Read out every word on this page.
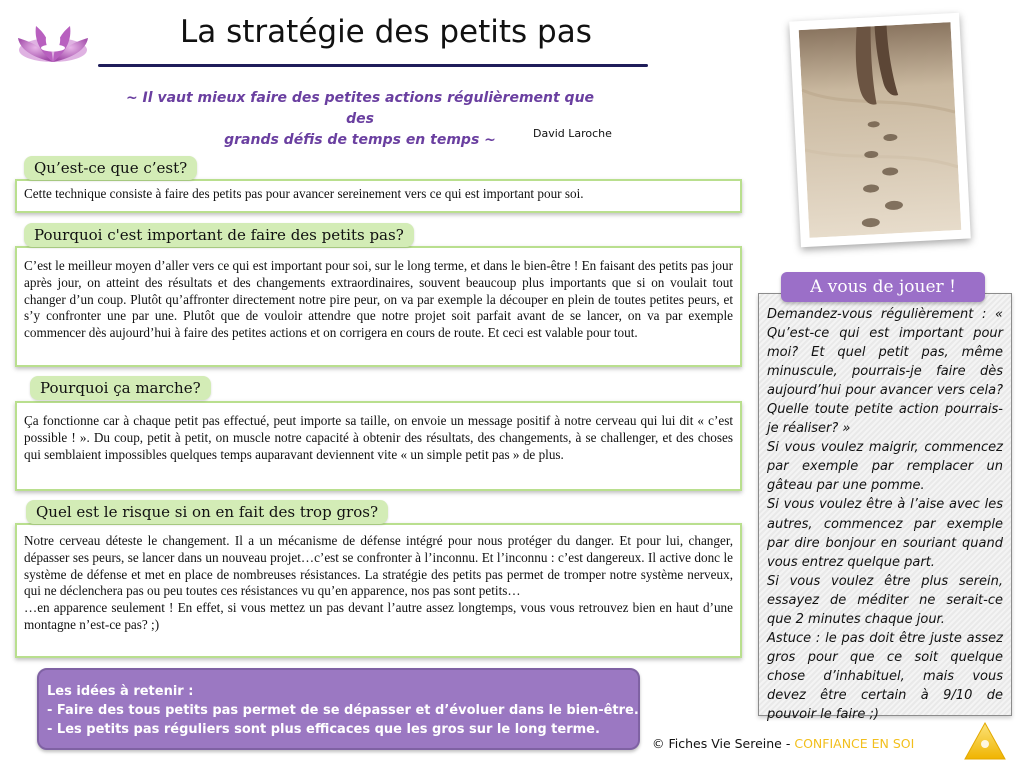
La stratégie des petits pas
~ Il vaut mieux faire des petites actions régulièrement que des
grands défis de temps en temps ~	David Laroche

Cette technique consiste à faire des petits pas pour avancer sereinement vers ce qui est important pour soi.

Qu’est-ce que c’est?

C’est le meilleur moyen d’aller vers ce qui est important pour soi, sur le long terme, et dans le bien-être ! En faisant des petits pas jour après jour, on atteint des résultats et des changements extraordinaires, souvent beaucoup plus importants que si on voulait tout changer d’un coup. Plutôt qu’affronter directement notre pire peur, on va par exemple la découper en plein de toutes petites peurs, et s’y confronter une par une. Plutôt que de vouloir attendre que notre projet soit parfait avant de se lancer, on va par exemple commencer dès aujourd’hui à faire des petites actions et on corrigera en cours de route. Et ceci est valable pour tout.

Pourquoi c'est important de faire des petits pas?

Ça fonctionne car à chaque petit pas effectué, peut importe sa taille, on envoie un message positif à notre cerveau qui lui dit « c’est possible ! ». Du coup, petit à petit, on muscle notre capacité à obtenir des résultats, des changements, à se challenger, et des choses qui semblaient impossibles quelques temps auparavant deviennent vite « un simple petit pas » de plus.

Pourquoi ça marche?

Notre cerveau déteste le changement. Il a un mécanisme de défense intégré pour nous protéger du danger. Et pour lui, changer, dépasser ses peurs, se lancer dans un nouveau projet…c’est se confronter à l’inconnu. Et l’inconnu : c’est dangereux. Il active donc le système de défense et met en place de nombreuses résistances. La stratégie des petits pas permet de tromper notre système nerveux, qui ne déclenchera pas ou peu toutes ces résistances vu qu’en apparence, nos pas sont petits…

…en apparence seulement ! En effet, si vous mettez un pas devant l’autre assez longtemps, vous vous retrouvez bien en haut d’une montagne n’est-ce pas? ;)

Quel est le risque si on en fait des trop gros?
Les idées à retenir :
- Faire des tous petits pas permet de se dépasser et d’évoluer dans le bien-être.
- Les petits pas réguliers sont plus efficaces que les gros sur le long terme.

Demandez-vous régulièrement : « Qu’est-ce qui est important pour moi? Et quel petit pas, même minuscule, pourrais-je faire dès aujourd’hui pour avancer vers cela? Quelle toute petite action pourrais-je réaliser? »

Si vous voulez maigrir, commencez par exemple par remplacer un gâteau par une pomme.

Si vous voulez être à l’aise avec les autres, commencez par exemple par dire bonjour en souriant quand vous entrez quelque part.

Si vous voulez être plus serein, essayez de méditer ne serait-ce que 2 minutes chaque jour.

Astuce : le pas doit être juste assez gros pour que ce soit quelque chose d’inhabituel, mais vous devez être certain à 9/10 de pouvoir le faire ;)

A vous de jouer !
© Fiches Vie Sereine - CONFIANCE EN SOI
